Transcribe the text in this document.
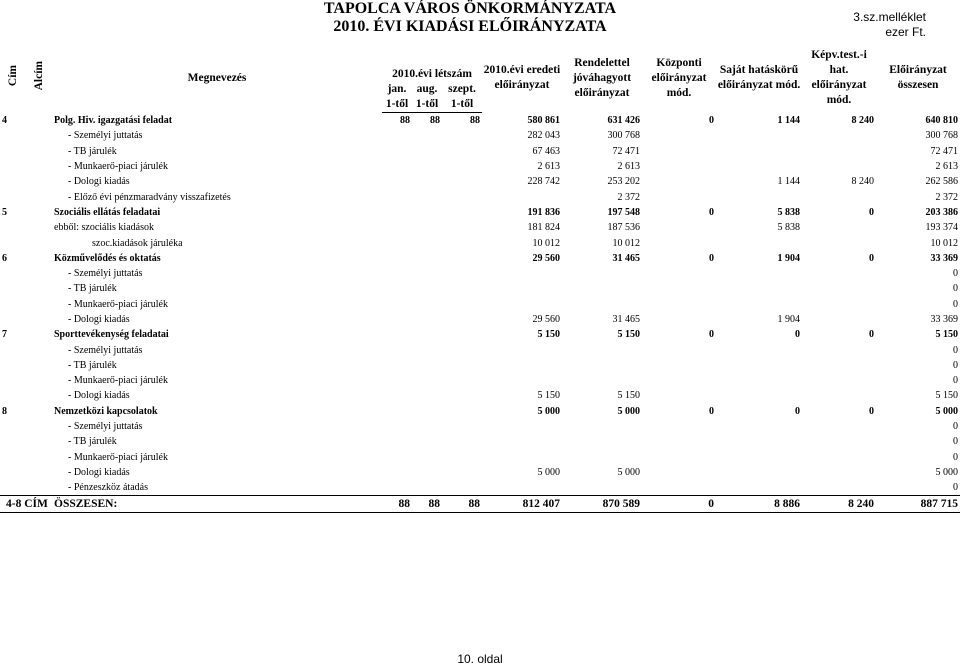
TAPOLCA VÁROS ÖNKORMÁNYZATA
2010. ÉVI KIADÁSI ELŐIRÁNYZATA
3.sz.melléklet
ezer Ft.
Cím	Alcím	Megnevezés	2010.évi létszám			2010.évi eredeti előirányzat	Rendelettel jóváhagyott előirányzat	Központi előirányzat mód.	Saját hatáskörű előirányzat mód.	Képv.test.-i hat. előirányzat mód.	Előirányzat összesen
			jan. 1-től	aug. 1-től	szept. 1-től						
4		Polg. Hiv. igazgatási feladat	88	88	88	580 861	631 426	0	1 144	8 240	640 810
		- Személyi juttatás				282 043	300 768				300 768
		- TB járulék				67 463	72 471				72 471
		- Munkaerő-piaci járulék				2 613	2 613				2 613
		- Dologi kiadás				228 742	253 202		1 144	8 240	262 586
		- Előző évi pénzmaradvány visszafizetés					2 372				2 372
5		Szociális ellátás feladatai				191 836	197 548	0	5 838	0	203 386
		ebből: szociális kiadások				181 824	187 536		5 838		193 374
		szoc.kiadások járuléka				10 012	10 012				10 012
6		Közművelődés és oktatás				29 560	31 465	0	1 904	0	33 369
		- Személyi juttatás									0
		- TB járulék									0
		- Munkaerő-piaci járulék									0
		- Dologi kiadás				29 560	31 465		1 904		33 369
7		Sporttevékenység feladatai				5 150	5 150	0	0	0	5 150
		- Személyi juttatás									0
		- TB járulék									0
		- Munkaerő-piaci járulék									0
		- Dologi kiadás				5 150	5 150				5 150
8		Nemzetközi kapcsolatok				5 000	5 000	0	0	0	5 000
		- Személyi juttatás									0
		- TB járulék									0
		- Munkaerő-piaci járulék									0
		- Dologi kiadás				5 000	5 000				5 000
		- Pénzeszköz átadás									0
4-8 CÍM		ÖSSZESEN:	88	88	88	812 407	870 589	0	8 886	8 240	887 715
10. oldal
